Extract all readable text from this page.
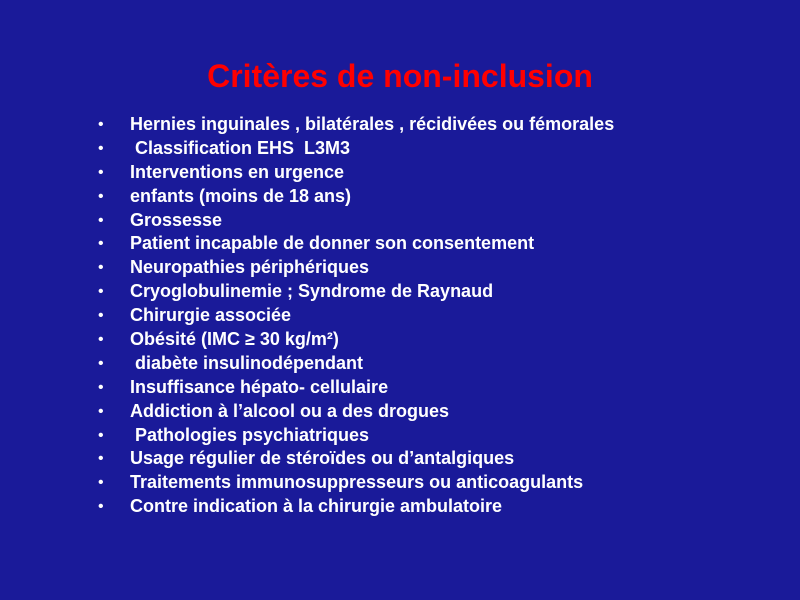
Critères de non-inclusion
•	Hernies inguinales , bilatérales , récidivées ou fémorales
•	Classification EHS  L3M3
•	Interventions en urgence
•	enfants (moins de 18 ans)
•	Grossesse
•	Patient incapable de donner son consentement
•	Neuropathies périphériques
•	Cryoglobulinemie ; Syndrome de Raynaud
•	Chirurgie associée
•	Obésité (IMC ≥ 30 kg/m²)
•	diabète insulinodépendant
•	Insuffisance hépato- cellulaire
•	Addiction à l’alcool ou a des drogues
•	Pathologies psychiatriques
•	Usage régulier de stéroïdes ou d’antalgiques
•	Traitements immunosuppresseurs ou anticoagulants
•	Contre indication à la chirurgie ambulatoire
